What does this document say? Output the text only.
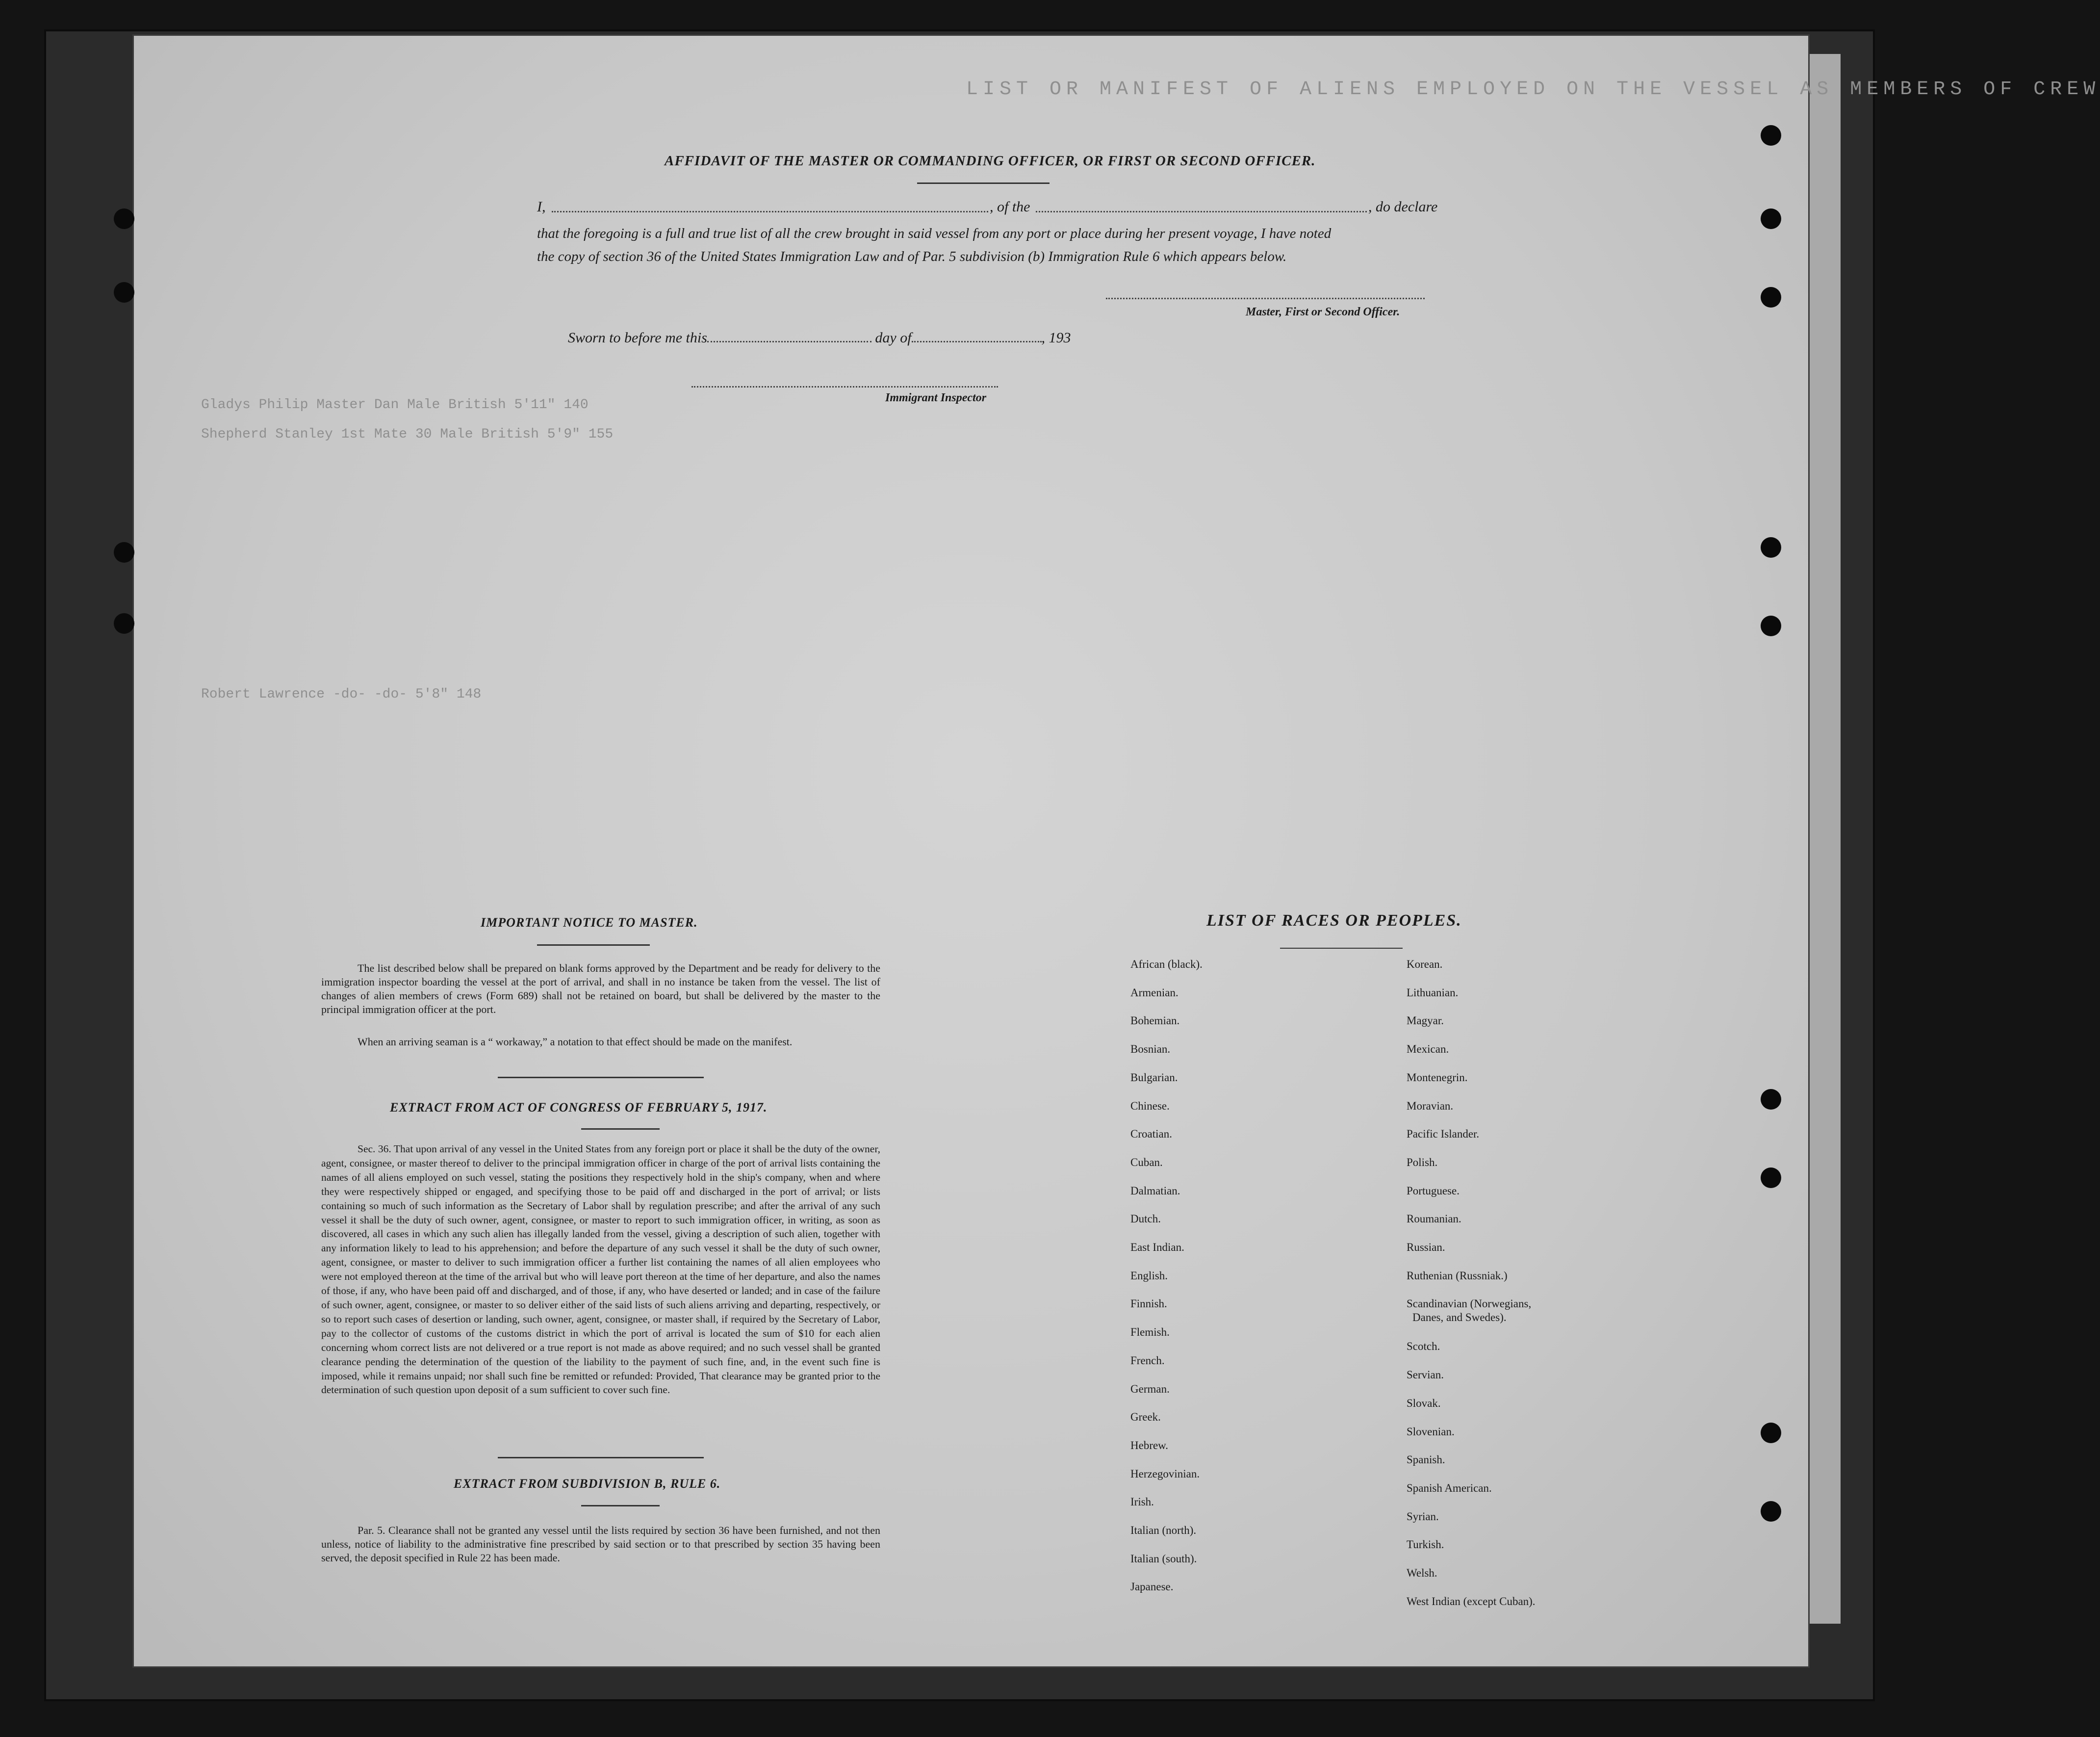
LIST OR MANIFEST OF ALIENS EMPLOYED ON THE VESSEL AS MEMBERS OF CREW
Gladys Philip Master Dan Male British 5'11" 140
Shepherd Stanley 1st Mate 30 Male British 5'9" 155
Robert Lawrence -do- -do- 5'8" 148
AFFIDAVIT OF THE MASTER OR COMMANDING OFFICER, OR FIRST OR SECOND OFFICER.
I,	, of the	, do declare
that the foregoing is a full and true list of all the crew brought in said vessel from any port or place during her present voyage, I have noted
the copy of section 36 of the United States Immigration Law and of Par. 5 subdivision (b) Immigration Rule 6 which appears below.
Master, First or Second Officer.
Sworn to before me this	day of	, 193
Immigrant Inspector
IMPORTANT NOTICE TO MASTER.
The list described below shall be prepared on blank forms approved by the Department and be ready for delivery to the immigration inspector boarding the vessel at the port of arrival, and shall in no instance be taken from the vessel. The list of changes of alien members of crews (Form 689) shall not be retained on board, but shall be delivered by the master to the principal immigration officer at the port.
When an arriving seaman is a “ workaway,” a notation to that effect should be made on the manifest.
EXTRACT FROM ACT OF CONGRESS OF FEBRUARY 5, 1917.
Sec. 36. That upon arrival of any vessel in the United States from any foreign port or place it shall be the duty of the owner, agent, consignee, or master thereof to deliver to the principal immigration officer in charge of the port of arrival lists containing the names of all aliens employed on such vessel, stating the positions they respectively hold in the ship's company, when and where they were respectively shipped or engaged, and specifying those to be paid off and discharged in the port of arrival; or lists containing so much of such information as the Secretary of Labor shall by regulation prescribe; and after the arrival of any such vessel it shall be the duty of such owner, agent, consignee, or master to report to such immigration officer, in writing, as soon as discovered, all cases in which any such alien has illegally landed from the vessel, giving a description of such alien, together with any information likely to lead to his apprehension; and before the departure of any such vessel it shall be the duty of such owner, agent, consignee, or master to deliver to such immigration officer a further list containing the names of all alien employees who were not employed thereon at the time of the arrival but who will leave port thereon at the time of her departure, and also the names of those, if any, who have been paid off and discharged, and of those, if any, who have deserted or landed; and in case of the failure of such owner, agent, consignee, or master to so deliver either of the said lists of such aliens arriving and departing, respectively, or so to report such cases of desertion or landing, such owner, agent, consignee, or master shall, if required by the Secretary of Labor, pay to the collector of customs of the customs district in which the port of arrival is located the sum of $10 for each alien concerning whom correct lists are not delivered or a true report is not made as above required; and no such vessel shall be granted clearance pending the determination of the question of the liability to the payment of such fine, and, in the event such fine is imposed, while it remains unpaid; nor shall such fine be remitted or refunded: Provided, That clearance may be granted prior to the determination of such question upon deposit of a sum sufficient to cover such fine.
EXTRACT FROM SUBDIVISION B, RULE 6.
Par. 5. Clearance shall not be granted any vessel until the lists required by section 36 have been furnished, and not then unless, notice of liability to the administrative fine prescribed by said section or to that prescribed by section 35 having been served, the deposit specified in Rule 22 has been made.
LIST OF RACES OR PEOPLES.
African (black).
Armenian.
Bohemian.
Bosnian.
Bulgarian.
Chinese.
Croatian.
Cuban.
Dalmatian.
Dutch.
East Indian.
English.
Finnish.
Flemish.
French.
German.
Greek.
Hebrew.
Herzegovinian.
Irish.
Italian (north).
Italian (south).
Japanese.
Korean.
Lithuanian.
Magyar.
Mexican.
Montenegrin.
Moravian.
Pacific Islander.
Polish.
Portuguese.
Roumanian.
Russian.
Ruthenian (Russniak.)
Scandinavian (Norwegians,
Danes, and Swedes).
Scotch.
Servian.
Slovak.
Slovenian.
Spanish.
Spanish American.
Syrian.
Turkish.
Welsh.
West Indian (except Cuban).
